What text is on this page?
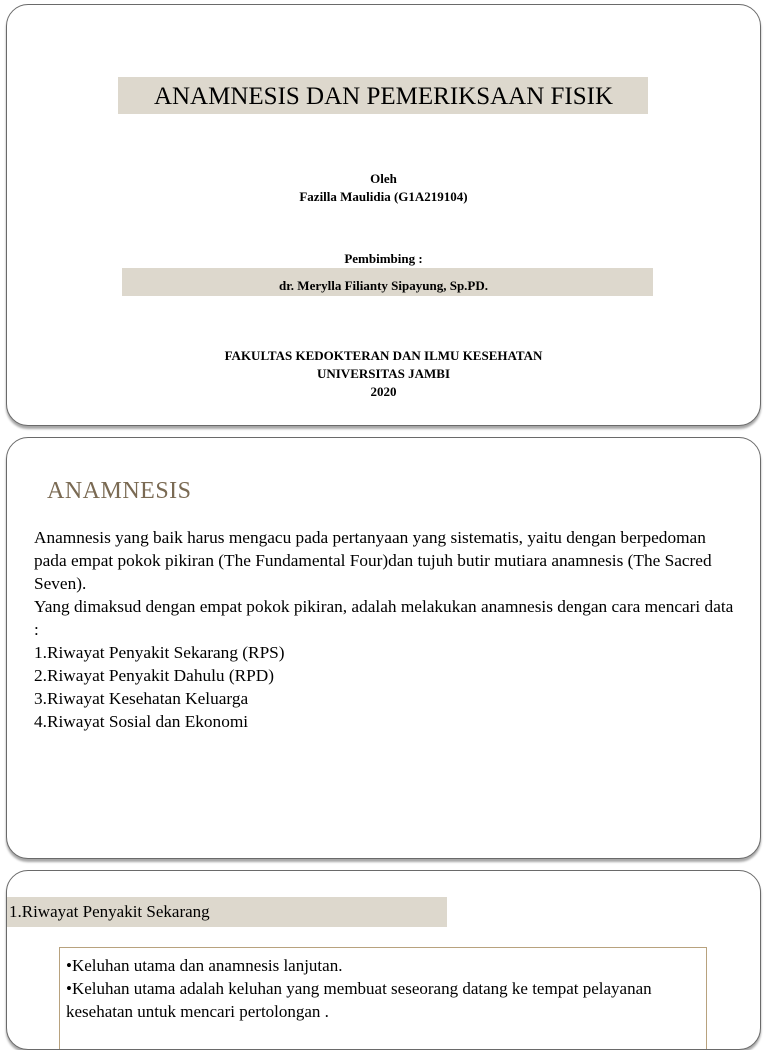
ANAMNESIS DAN PEMERIKSAAN FISIK
Oleh
Fazilla Maulidia (G1A219104)
Pembimbing :
dr. Merylla Filianty Sipayung, Sp.PD.
FAKULTAS KEDOKTERAN DAN ILMU KESEHATAN
UNIVERSITAS JAMBI
2020
ANAMNESIS

Anamnesis yang baik harus mengacu pada pertanyaan yang sistematis, yaitu dengan berpedoman pada empat pokok pikiran (The Fundamental Four)dan tujuh butir mutiara anamnesis (The Sacred Seven).

Yang dimaksud dengan empat pokok pikiran, adalah melakukan anamnesis dengan cara mencari data :

1.Riwayat Penyakit Sekarang (RPS)

2.Riwayat Penyakit Dahulu (RPD)

3.Riwayat Kesehatan Keluarga

4.Riwayat Sosial dan Ekonomi

1.Riwayat Penyakit Sekarang

•Keluhan utama dan anamnesis lanjutan.

•Keluhan utama adalah keluhan yang membuat seseorang datang ke tempat pelayanan kesehatan untuk mencari pertolongan .
